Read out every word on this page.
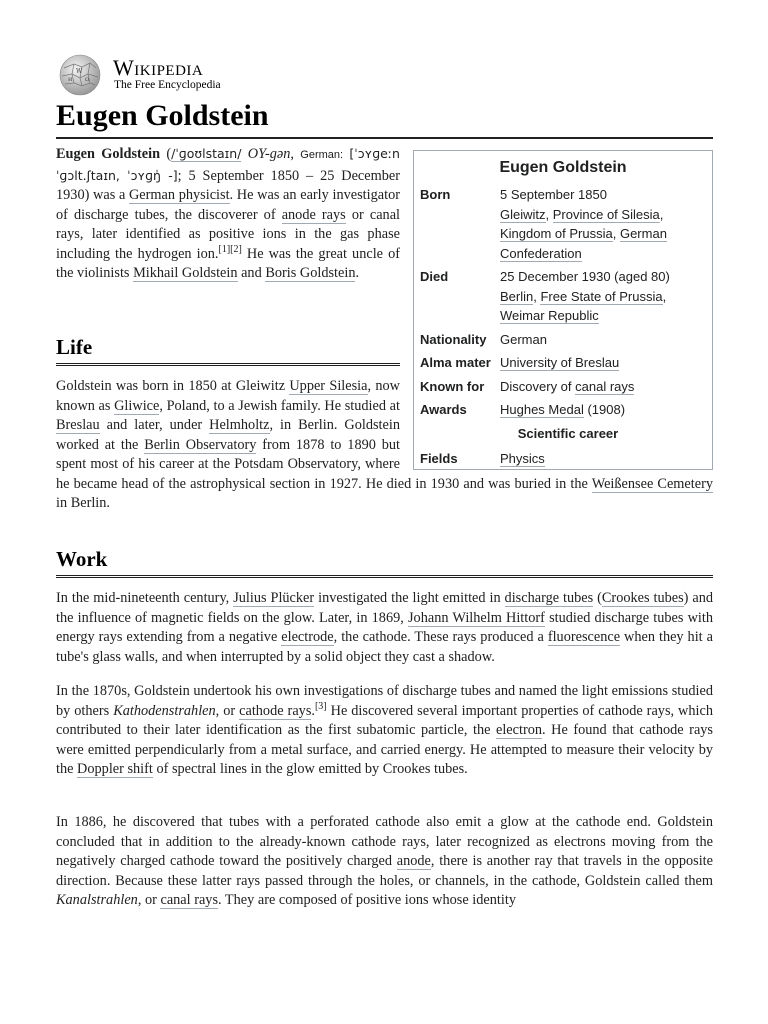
W
Ω
И Wikipedia
The Free Encyclopedia
Eugen Goldstein

Eugen Goldstein (/ˈɡoʊlstaɪn/ OY-gən, German: [ˈɔʏɡeːn ˈɡɔlt.ʃtaɪn, ˈɔʏɡŋ̍ -]; 5 September 1850 – 25 December 1930) was a German physicist. He was an early investigator of discharge tubes, the discoverer of anode rays or canal rays, later identified as positive ions in the gas phase including the hydrogen ion.[1][2] He was the great uncle of the violinists Mikhail Goldstein and Boris Goldstein.

Eugen Goldstein
Born	5 September 1850
Gleiwitz, Province of Silesia,
Kingdom of Prussia, German Confederation
Died	25 December 1930 (aged 80)
Berlin, Free State of Prussia,
Weimar Republic
Nationality	German
Alma mater University of Breslau
Known for	Discovery of canal rays
Awards	Hughes Medal (1908)
Scientific career
Fields	Physics
Life
Goldstein was born in 1850 at Gleiwitz Upper Silesia, now known as Gliwice, Poland, to a Jewish family. He studied at Breslau and later, under Helmholtz, in Berlin. Goldstein worked at the Berlin Observatory from 1878 to 1890 but spent most of his career at the Potsdam Observatory, where he became head of the astrophysical section in 1927. He died in 1930 and was buried in the Weißensee Cemetery in Berlin.
Work

In the mid-nineteenth century, Julius Plücker investigated the light emitted in discharge tubes (Crookes tubes) and the influence of magnetic fields on the glow. Later, in 1869, Johann Wilhelm Hittorf studied discharge tubes with energy rays extending from a negative electrode, the cathode. These rays produced a fluorescence when they hit a tube's glass walls, and when interrupted by a solid object they cast a shadow.

In the 1870s, Goldstein undertook his own investigations of discharge tubes and named the light emissions studied by others Kathodenstrahlen, or cathode rays.[3] He discovered several important properties of cathode rays, which contributed to their later identification as the first subatomic particle, the electron. He found that cathode rays were emitted perpendicularly from a metal surface, and carried energy. He attempted to measure their velocity by the Doppler shift of spectral lines in the glow emitted by Crookes tubes.

In 1886, he discovered that tubes with a perforated cathode also emit a glow at the cathode end. Goldstein concluded that in addition to the already-known cathode rays, later recognized as electrons moving from the negatively charged cathode toward the positively charged anode, there is another ray that travels in the opposite direction. Because these latter rays passed through the holes, or channels, in the cathode, Goldstein called them Kanalstrahlen, or canal rays. They are composed of positive ions whose identity
